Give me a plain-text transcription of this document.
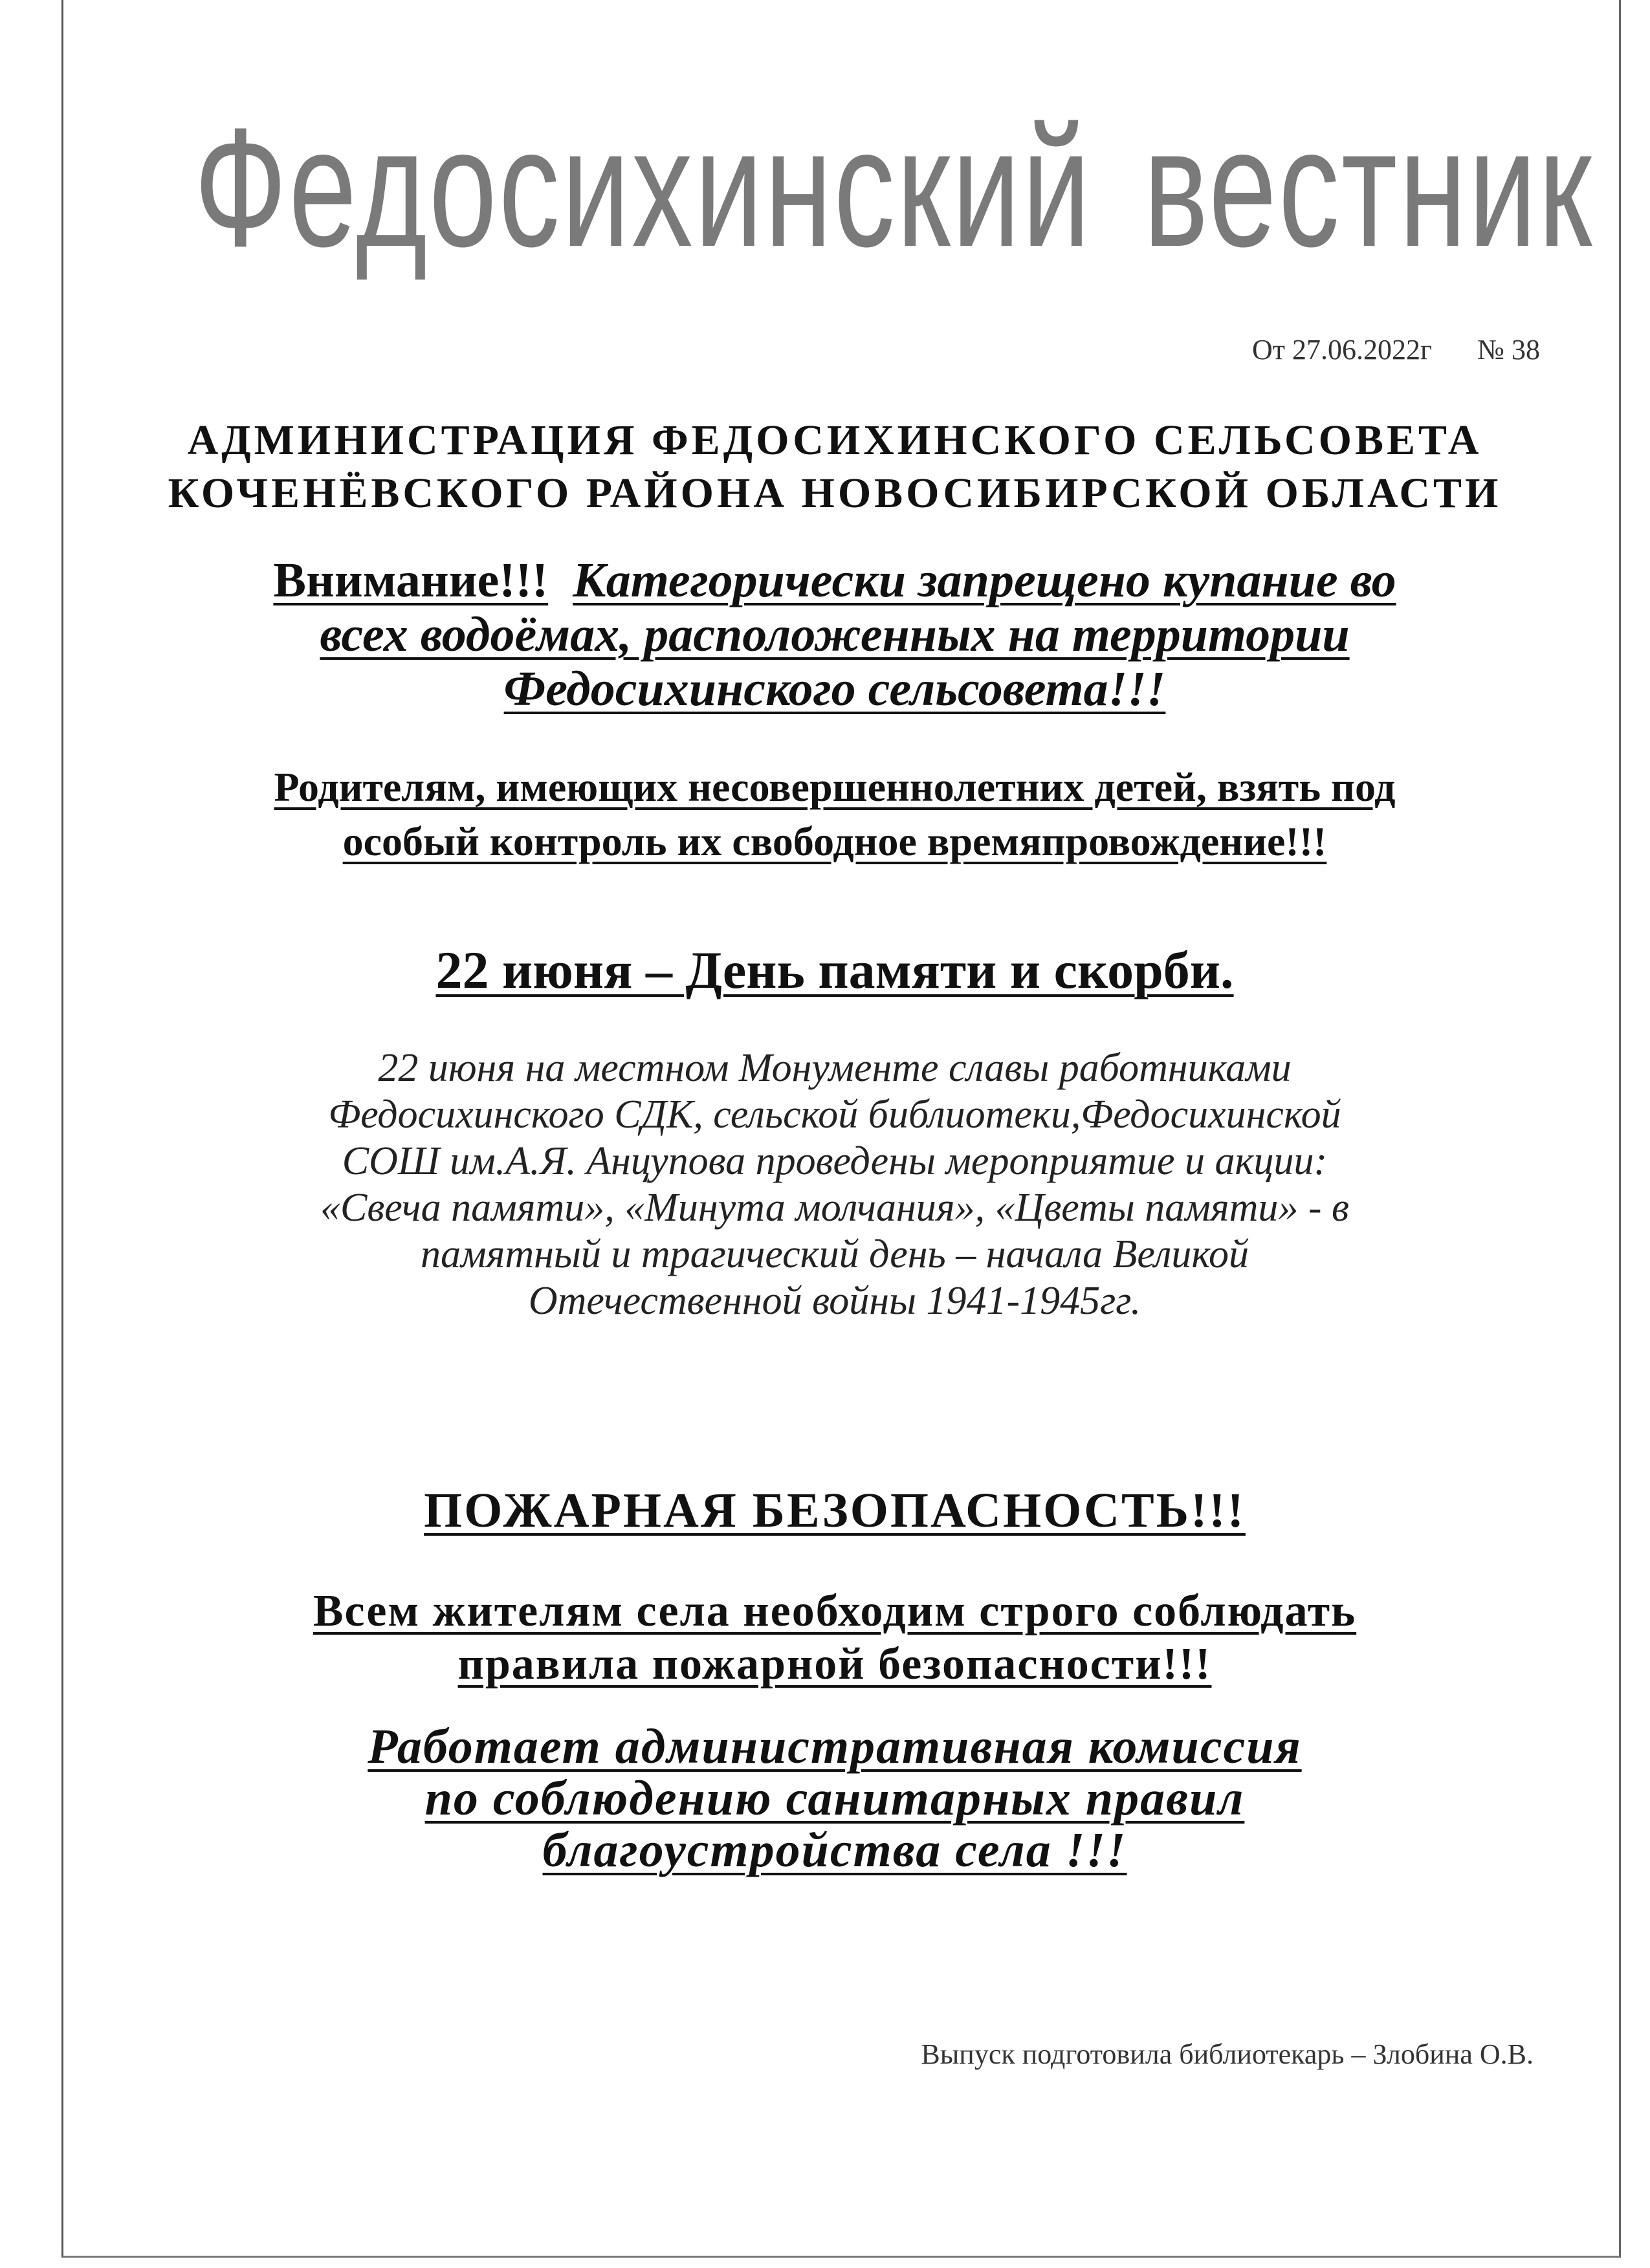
Федосихинский вестник
От 27.06.2022г № 38
АДМИНИСТРАЦИЯ ФЕДОСИХИНСКОГО СЕЛЬСОВЕТА
КОЧЕНЁВСКОГО РАЙОНА НОВОСИБИРСКОЙ ОБЛАСТИ
Внимание!!! Категорически запрещено купание во
всех водоёмах, расположенных на территории
Федосихинского сельсовета!!!
Родителям, имеющих несовершеннолетних детей, взять под
особый контроль их свободное времяпровождение!!!
22 июня – День памяти и скорби.
22 июня на местном Монументе славы работниками
Федосихинского СДК, сельской библиотеки,Федосихинской
СОШ им.А.Я. Анцупова проведены мероприятие и акции:
«Свеча памяти», «Минута молчания», «Цветы памяти» - в
памятный и трагический день – начала Великой
Отечественной войны 1941-1945гг.
ПОЖАРНАЯ БЕЗОПАСНОСТЬ!!!
Всем жителям села необходим строго соблюдать
правила пожарной безопасности!!!
Работает административная комиссия
по соблюдению санитарных правил
благоустройства села !!!
Выпуск подготовила библиотекарь – Злобина О.В.
